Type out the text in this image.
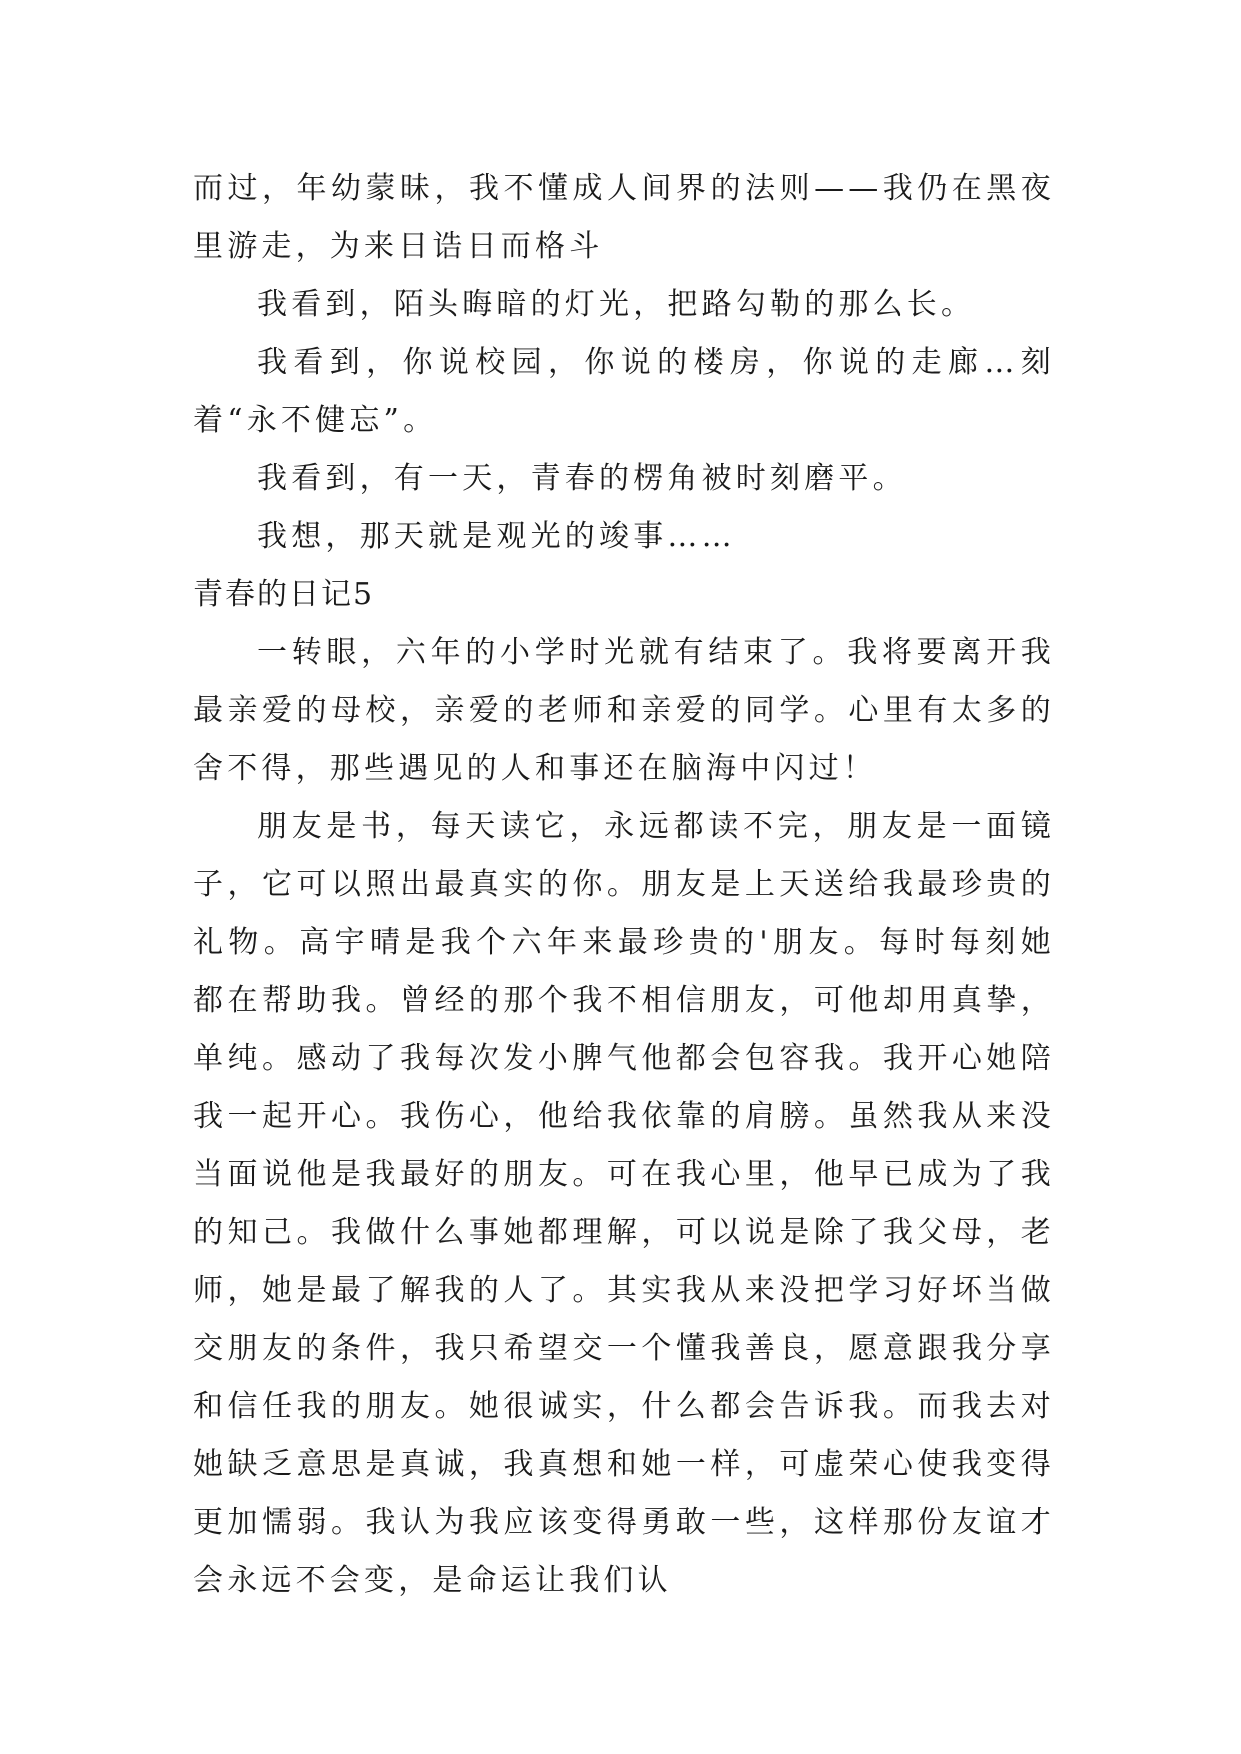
而过，年幼蒙昧，我不懂成人间界的法则——我仍在黑夜里游走，为来日诰日而格斗

我看到，陌头晦暗的灯光，把路勾勒的那么长。

我看到，你说校园，你说的楼房，你说的走廊…刻着“永不健忘”。

我看到，有一天，青春的楞角被时刻磨平。

我想，那天就是观光的竣事……

青春的日记5

一转眼，六年的小学时光就有结束了。我将要离开我最亲爱的母校，亲爱的老师和亲爱的同学。心里有太多的舍不得，那些遇见的人和事还在脑海中闪过！

朋友是书，每天读它，永远都读不完，朋友是一面镜子，它可以照出最真实的你。朋友是上天送给我最珍贵的礼物。高宇晴是我个六年来最珍贵的'朋友。每时每刻她都在帮助我。曾经的那个我不相信朋友，可他却用真挚，单纯。感动了我每次发小脾气他都会包容我。我开心她陪我一起开心。我伤心，他给我依靠的肩膀。虽然我从来没当面说他是我最好的朋友。可在我心里，他早已成为了我的知己。我做什么事她都理解，可以说是除了我父母，老师，她是最了解我的人了。其实我从来没把学习好坏当做交朋友的条件，我只希望交一个懂我善良，愿意跟我分享和信任我的朋友。她很诚实，什么都会告诉我。而我去对她缺乏意思是真诚，我真想和她一样，可虚荣心使我变得更加懦弱。我认为我应该变得勇敢一些，这样那份友谊才会永远不会变，是命运让我们认
